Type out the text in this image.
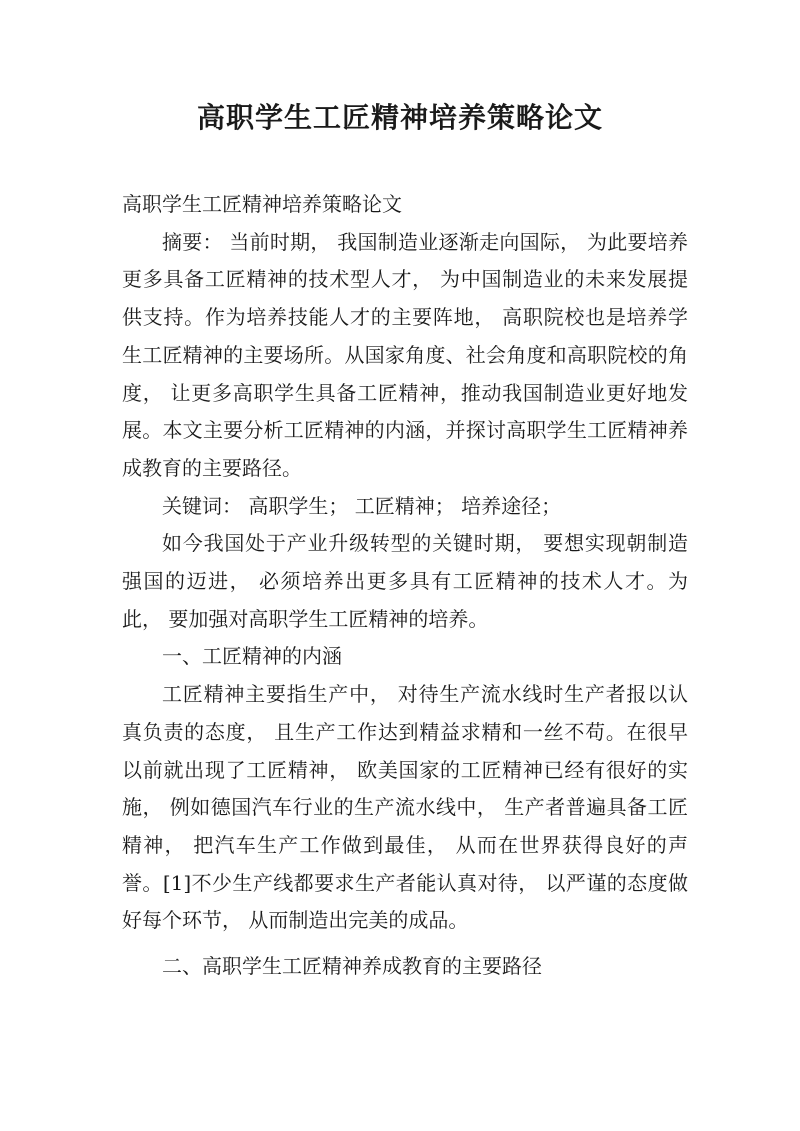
高职学生工匠精神培养策略论文

高职学生工匠精神培养策略论文

摘要： 当前时期， 我国制造业逐渐走向国际， 为此要培养更多具备工匠精神的技术型人才， 为中国制造业的未来发展提供支持。作为培养技能人才的主要阵地， 高职院校也是培养学生工匠精神的主要场所。从国家角度、社会角度和高职院校的角度， 让更多高职学生具备工匠精神，推动我国制造业更好地发展。本文主要分析工匠精神的内涵，并探讨高职学生工匠精神养成教育的主要路径。

关键词： 高职学生； 工匠精神； 培养途径；

如今我国处于产业升级转型的关键时期， 要想实现朝制造强国的迈进， 必须培养出更多具有工匠精神的技术人才。为此， 要加强对高职学生工匠精神的培养。

一、工匠精神的内涵

工匠精神主要指生产中， 对待生产流水线时生产者报以认真负责的态度， 且生产工作达到精益求精和一丝不苟。在很早以前就出现了工匠精神， 欧美国家的工匠精神已经有很好的实施， 例如德国汽车行业的生产流水线中， 生产者普遍具备工匠精神， 把汽车生产工作做到最佳， 从而在世界获得良好的声誉。[1]不少生产线都要求生产者能认真对待， 以严谨的态度做好每个环节， 从而制造出完美的成品。

二、高职学生工匠精神养成教育的主要路径
